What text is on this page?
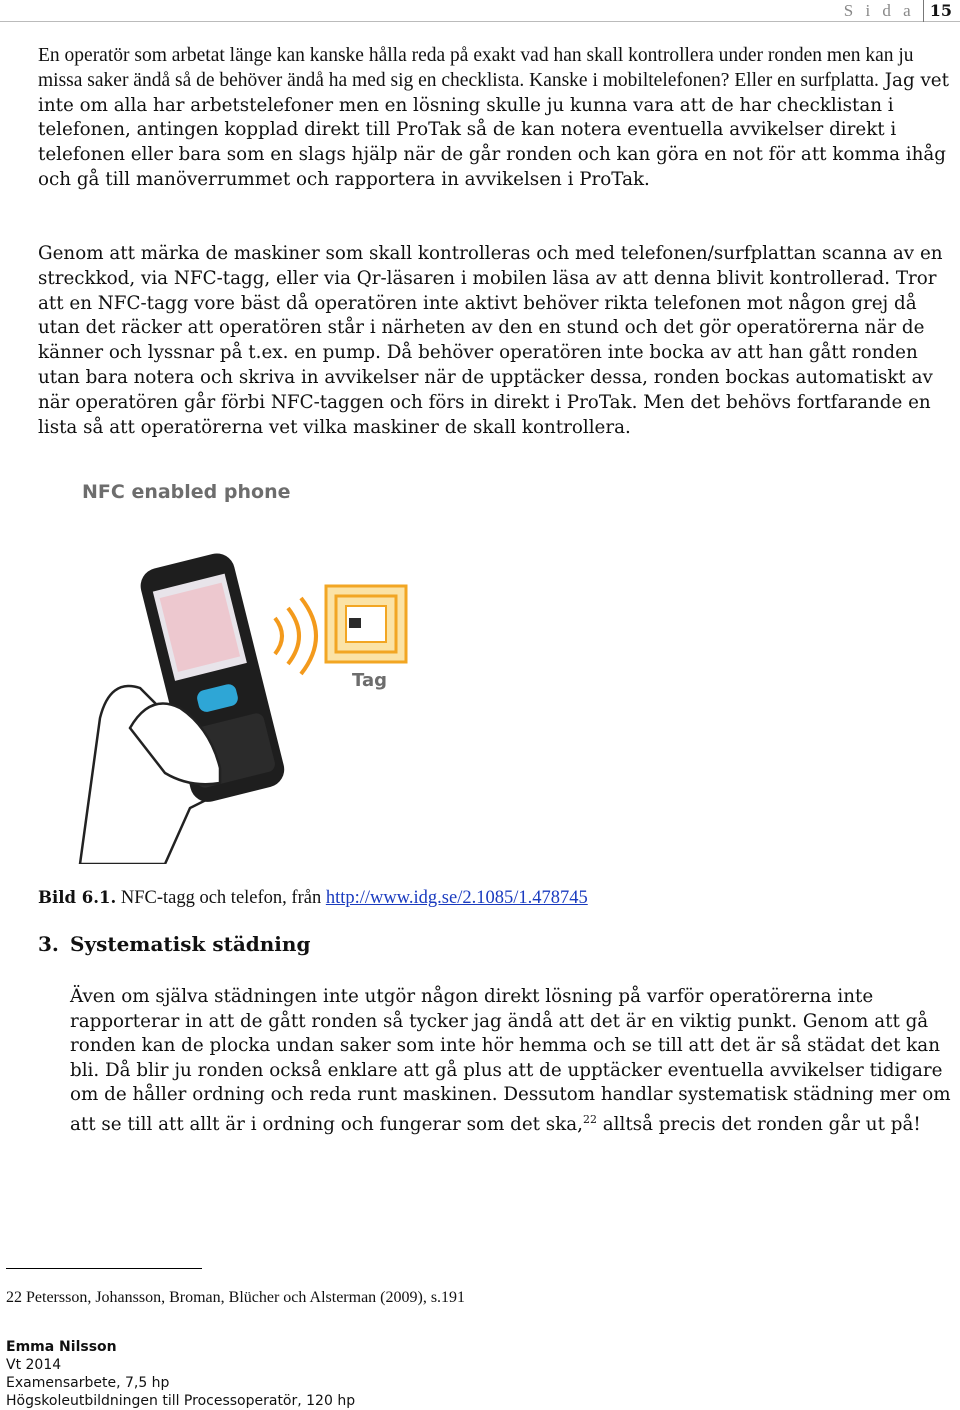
S i d a 15

En operatör som arbetat länge kan kanske hålla reda på exakt vad han skall kontrollera under ronden men kan ju missa saker ändå så de behöver ändå ha med sig en checklista. Kanske i mobiltelefonen? Eller en surfplatta. Jag vet inte om alla har arbetstelefoner men en lösning skulle ju kunna vara att de har checklistan i telefonen, antingen kopplad direkt till ProTak så de kan notera eventuella avvikelser direkt i telefonen eller bara som en slags hjälp när de går ronden och kan göra en not för att komma ihåg och gå till manöverrummet och rapportera in avvikelsen i ProTak.

Genom att märka de maskiner som skall kontrolleras och med telefonen/surfplattan scanna av en streckkod, via NFC-tagg, eller via Qr-läsaren i mobilen läsa av att denna blivit kontrollerad. Tror att en NFC-tagg vore bäst då operatören inte aktivt behöver rikta telefonen mot någon grej då utan det räcker att operatören står i närheten av den en stund och det gör operatörerna när de känner och lyssnar på t.ex. en pump. Då behöver operatören inte bocka av att han gått ronden utan bara notera och skriva in avvikelser när de upptäcker dessa, ronden bockas automatiskt av när operatören går förbi NFC-taggen och förs in direkt i ProTak. Men det behövs fortfarande en lista så att operatörerna vet vilka maskiner de skall kontrollera.

NFC enabled phone
Tag
Bild 6.1. NFC-tagg och telefon, från http://www.idg.se/2.1085/1.478745
3. Systematisk städning

Även om själva städningen inte utgör någon direkt lösning på varför operatörerna inte rapporterar in att de gått ronden så tycker jag ändå att det är en viktig punkt. Genom att gå ronden kan de plocka undan saker som inte hör hemma och se till att det är så städat det kan bli. Då blir ju ronden också enklare att gå plus att de upptäcker eventuella avvikelser tidigare om de håller ordning och reda runt maskinen. Dessutom handlar systematisk städning mer om att se till att allt är i ordning och fungerar som det ska,$^{22}$ alltså precis det ronden går ut på!

22 Petersson, Johansson, Broman, Blücher och Alsterman (2009), s.191
Emma Nilsson
Vt 2014
Examensarbete, 7,5 hp
Högskoleutbildningen till Processoperatör, 120 hp
